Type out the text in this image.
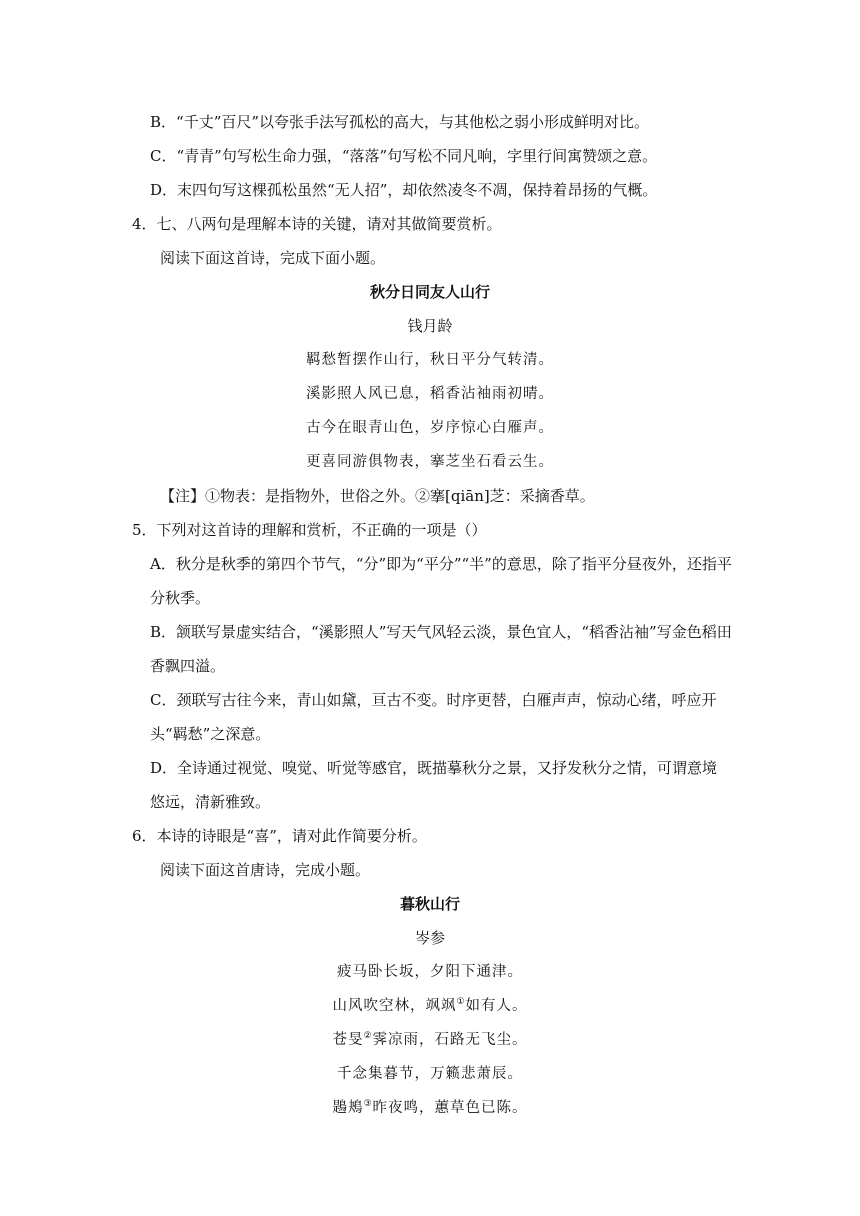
B．“千丈”百尺”以夸张手法写孤松的高大，与其他松之弱小形成鲜明对比。
C．“青青”句写松生命力强，“落落”句写松不同凡响，字里行间寓赞颂之意。
D．末四句写这棵孤松虽然“无人招”，却依然凌冬不凋，保持着昂扬的气概。
4．七、八两句是理解本诗的关键，请对其做简要赏析。
阅读下面这首诗，完成下面小题。
秋分日同友人山行
钱月龄
羁愁暂摆作山行，秋日平分气转清。
溪影照人风已息，稻香沾袖雨初晴。
古今在眼青山色，岁序惊心白雁声。
更喜同游俱物表，搴芝坐石看云生。
【注】①物表：是指物外，世俗之外。②搴[qiān]芝：采摘香草。
5．下列对这首诗的理解和赏析，不正确的一项是（）
A．秋分是秋季的第四个节气，“分”即为“平分”“半”的意思，除了指平分昼夜外，还指平
分秋季。
B．颔联写景虚实结合，“溪影照人”写天气风轻云淡，景色宜人，“稻香沾袖”写金色稻田
香飘四溢。
C．颈联写古往今来，青山如黛，亘古不变。时序更替，白雁声声，惊动心绪，呼应开
头“羁愁”之深意。
D．全诗通过视觉、嗅觉、听觉等感官，既描摹秋分之景，又抒发秋分之情，可谓意境
悠远，清新雅致。
6．本诗的诗眼是“喜”，请对此作简要分析。
阅读下面这首唐诗，完成小题。
暮秋山行
岑参
疲马卧长坂，夕阳下通津。
山风吹空林，飒飒①如有人。
苍旻②霁凉雨，石路无飞尘。
千念集暮节，万籁悲萧辰。
鶗鴂③昨夜鸣，蕙草色已陈。
